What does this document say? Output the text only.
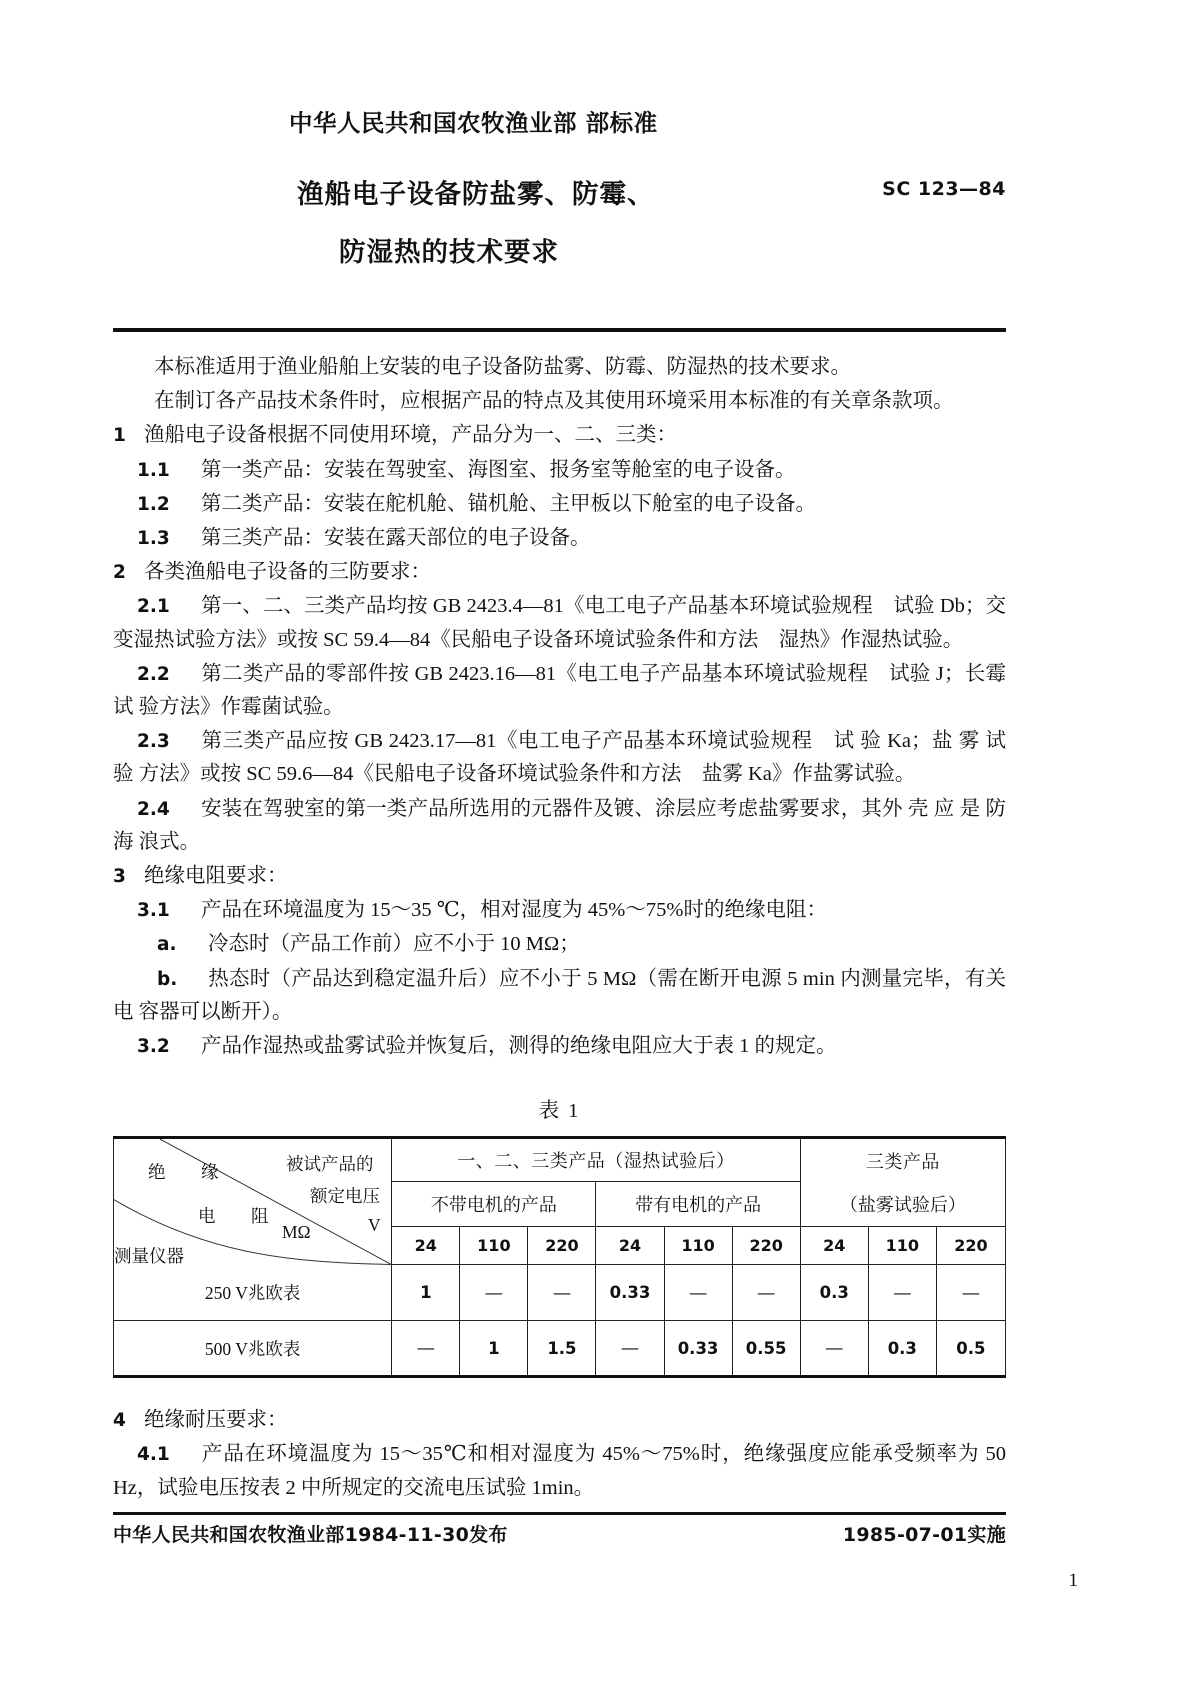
中华人民共和国农牧渔业部 部标准
渔船电子设备防盐雾、防霉、
防湿热的技术要求
SC 123—84

本标准适用于渔业船舶上安装的电子设备防盐雾、防霉、防湿热的技术要求。

在制订各产品技术条件时，应根据产品的特点及其使用环境采用本标准的有关章条款项。

1 渔船电子设备根据不同使用环境，产品分为一、二、三类：

1.1 第一类产品：安装在驾驶室、海图室、报务室等舱室的电子设备。

1.2 第二类产品：安装在舵机舱、锚机舱、主甲板以下舱室的电子设备。

1.3 第三类产品：安装在露天部位的电子设备。

2 各类渔船电子设备的三防要求：

2.1 第一、二、三类产品均按 GB 2423.4—81《电工电子产品基本环境试验规程　试验 Db；交变湿热试验方法》或按 SC 59.4—84《民船电子设备环境试验条件和方法　湿热》作湿热试验。

2.2 第二类产品的零部件按 GB 2423.16—81《电工电子产品基本环境试验规程　试验 J；长霉试 验方法》作霉菌试验。

2.3 第三类产品应按 GB 2423.17—81《电工电子产品基本环境试验规程　试 验 Ka；盐 雾 试 验 方法》或按 SC 59.6—84《民船电子设备环境试验条件和方法　盐雾 Ka》作盐雾试验。

2.4 安装在驾驶室的第一类产品所选用的元器件及镀、涂层应考虑盐雾要求，其外 壳 应 是 防 海 浪式。

3 绝缘电阻要求：

3.1 产品在环境温度为 15～35 ℃，相对湿度为 45%～75%时的绝缘电阻：

a. 冷态时（产品工作前）应不小于 10 MΩ；

b. 热态时（产品达到稳定温升后）应不小于 5 MΩ（需在断开电源 5 min 内测量完毕，有关电 容器可以断开）。

3.2 产品作湿热或盐雾试验并恢复后，测得的绝缘电阻应大于表 1 的规定。

表 1
绝　缘
电　阻
MΩ
被试产品的
额定电压
V
测量仪器
	一、二、三类产品（湿热试验后）	三类产品
	不带电机的产品			带有电机的产品			（盐雾试验后）		
	24	110	220	24	110	220	24	110	220
250 V兆欧表	1	—	—	0.33	—	—	0.3	—	—
500 V兆欧表	—	1	1.5	—	0.33	0.55	—	0.3	0.5

4 绝缘耐压要求：

4.1 产品在环境温度为 15～35℃和相对湿度为 45%～75%时，绝缘强度应能承受频率为 50 Hz，试验电压按表 2 中所规定的交流电压试验 1min。

中华人民共和国农牧渔业部1984-11-30发布	1985-07-01实施
1
